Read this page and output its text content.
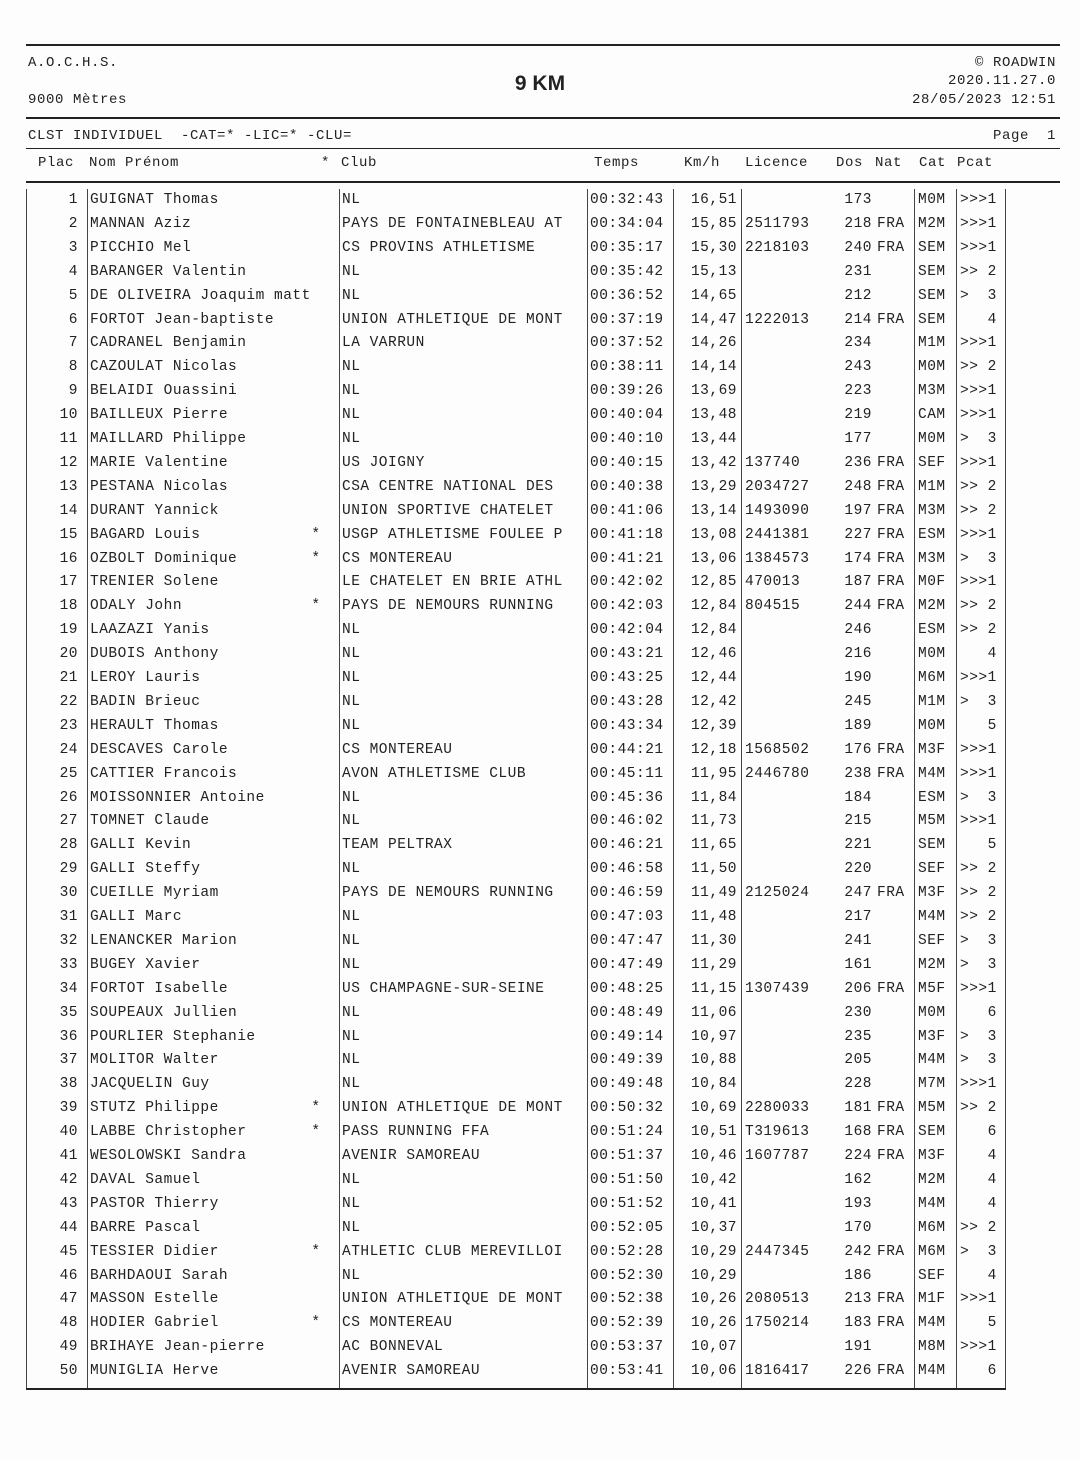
A.O.C.H.S.
9000 Mètres
9 KM
© ROADWIN
2020.11.27.0
28/05/2023 12:51
CLST INDIVIDUEL  -CAT=* -LIC=* -CLU=	Page  1
Plac Nom Prénom	* Club	Temps	Km/h Licence Dos Nat Cat Pcat
1 GUIGNAT Thomas	NL	00:32:43	16,51	173	M0M >>>1
2 MANNAN Aziz	PAYS DE FONTAINEBLEAU AT	00:34:04	15,85 2511793	218 FRA M2M >>>1
3 PICCHIO Mel	CS PROVINS ATHLETISME	00:35:17	15,30 2218103	240 FRA SEM >>>1
4 BARANGER Valentin	NL	00:35:42	15,13	231	SEM >> 2
5 DE OLIVEIRA Joaquim matt	NL	00:36:52	14,65	212	SEM >  3
6 FORTOT Jean-baptiste	UNION ATHLETIQUE DE MONT	00:37:19	14,47 1222013	214 FRA SEM 4
7 CADRANEL Benjamin	LA VARRUN	00:37:52	14,26	234	M1M >>>1
8 CAZOULAT Nicolas	NL	00:38:11	14,14	243	M0M >> 2
9 BELAIDI Ouassini	NL	00:39:26	13,69	223	M3M >>>1
10 BAILLEUX Pierre	NL	00:40:04	13,48	219	CAM >>>1
11 MAILLARD Philippe	NL	00:40:10	13,44	177	M0M >  3
12 MARIE Valentine	US JOIGNY	00:40:15	13,42 137740	236 FRA SEF >>>1
13 PESTANA Nicolas	CSA CENTRE NATIONAL DES	00:40:38	13,29 2034727	248 FRA M1M >> 2
14 DURANT Yannick	UNION SPORTIVE CHATELET	00:41:06	13,14 1493090	197 FRA M3M >> 2
15 BAGARD Louis	*	USGP ATHLETISME FOULEE P	00:41:18	13,08 2441381	227 FRA ESM >>>1
16 OZBOLT Dominique	*	CS MONTEREAU	00:41:21	13,06 1384573	174 FRA M3M >  3
17 TRENIER Solene	LE CHATELET EN BRIE ATHL	00:42:02	12,85 470013	187 FRA M0F >>>1
18 ODALY John	*	PAYS DE NEMOURS RUNNING	00:42:03	12,84 804515	244 FRA M2M >> 2
19 LAAZAZI Yanis	NL	00:42:04	12,84	246	ESM >> 2
20 DUBOIS Anthony	NL	00:43:21	12,46	216	M0M 4
21 LEROY Lauris	NL	00:43:25	12,44	190	M6M >>>1
22 BADIN Brieuc	NL	00:43:28	12,42	245	M1M >  3
23 HERAULT Thomas	NL	00:43:34	12,39	189	M0M 5
24 DESCAVES Carole	CS MONTEREAU	00:44:21	12,18 1568502	176 FRA M3F >>>1
25 CATTIER Francois	AVON ATHLETISME CLUB	00:45:11	11,95 2446780	238 FRA M4M >>>1
26 MOISSONNIER Antoine	NL	00:45:36	11,84	184	ESM >  3
27 TOMNET Claude	NL	00:46:02	11,73	215	M5M >>>1
28 GALLI Kevin	TEAM PELTRAX	00:46:21	11,65	221	SEM 5
29 GALLI Steffy	NL	00:46:58	11,50	220	SEF >> 2
30 CUEILLE Myriam	PAYS DE NEMOURS RUNNING	00:46:59	11,49 2125024	247 FRA M3F >> 2
31 GALLI Marc	NL	00:47:03	11,48	217	M4M >> 2
32 LENANCKER Marion	NL	00:47:47	11,30	241	SEF >  3
33 BUGEY Xavier	NL	00:47:49	11,29	161	M2M >  3
34 FORTOT Isabelle	US CHAMPAGNE-SUR-SEINE	00:48:25	11,15 1307439	206 FRA M5F >>>1
35 SOUPEAUX Jullien	NL	00:48:49	11,06	230	M0M 6
36 POURLIER Stephanie	NL	00:49:14	10,97	235	M3F >  3
37 MOLITOR Walter	NL	00:49:39	10,88	205	M4M >  3
38 JACQUELIN Guy	NL	00:49:48	10,84	228	M7M >>>1
39 STUTZ Philippe	*	UNION ATHLETIQUE DE MONT	00:50:32	10,69 2280033	181 FRA M5M >> 2
40 LABBE Christopher	*	PASS RUNNING FFA	00:51:24	10,51 T319613	168 FRA SEM 6
41 WESOLOWSKI Sandra	AVENIR SAMOREAU	00:51:37	10,46 1607787	224 FRA M3F 4
42 DAVAL Samuel	NL	00:51:50	10,42	162	M2M 4
43 PASTOR Thierry	NL	00:51:52	10,41	193	M4M 4
44 BARRE Pascal	NL	00:52:05	10,37	170	M6M >> 2
45 TESSIER Didier	*	ATHLETIC CLUB MEREVILLOI	00:52:28	10,29 2447345	242 FRA M6M >  3
46 BARHDAOUI Sarah	NL	00:52:30	10,29	186	SEF 4
47 MASSON Estelle	UNION ATHLETIQUE DE MONT	00:52:38	10,26 2080513	213 FRA M1F >>>1
48 HODIER Gabriel	*	CS MONTEREAU	00:52:39	10,26 1750214	183 FRA M4M 5
49 BRIHAYE Jean-pierre	AC BONNEVAL	00:53:37	10,07	191	M8M >>>1
50 MUNIGLIA Herve	AVENIR SAMOREAU	00:53:41	10,06 1816417	226 FRA M4M 6
